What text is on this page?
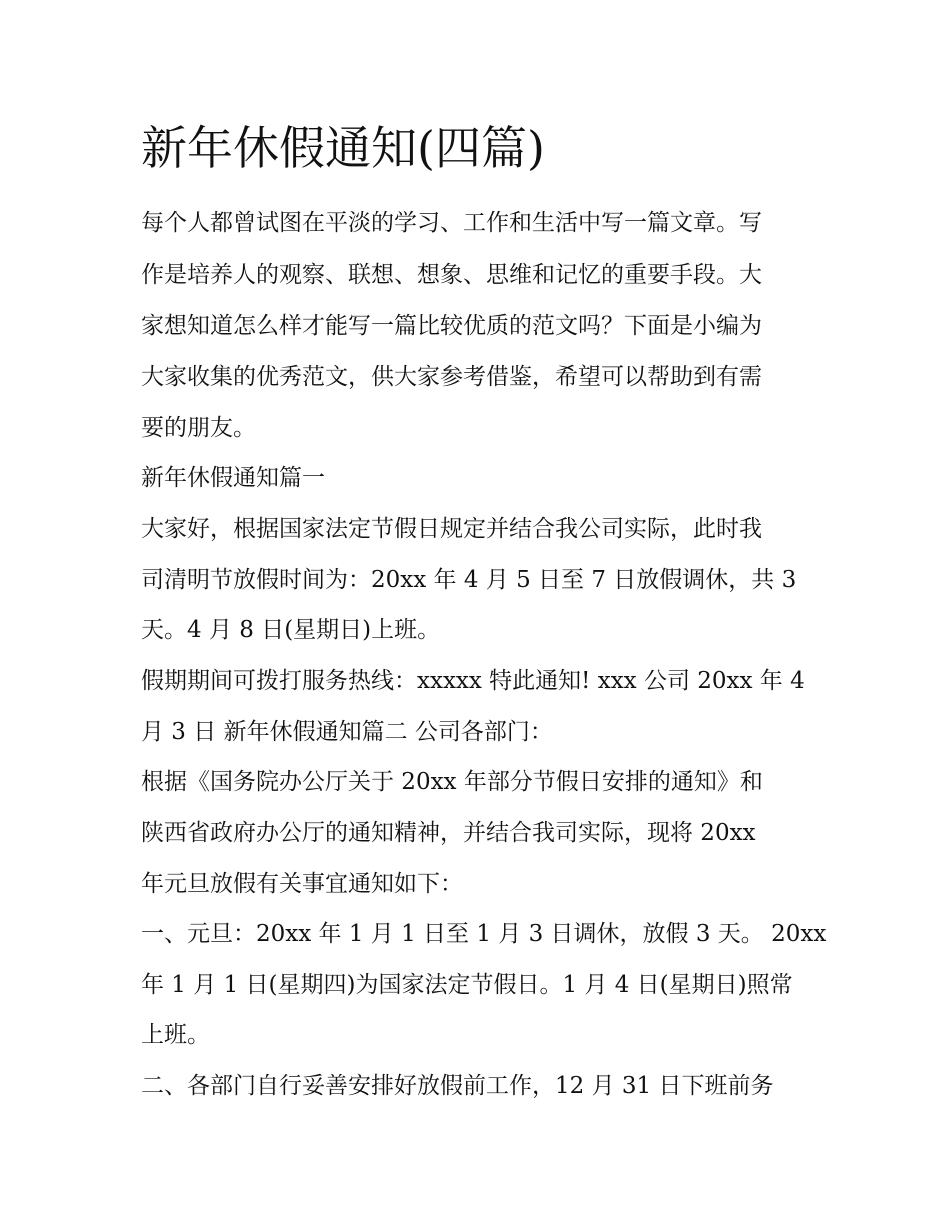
新年休假通知(四篇)
每个人都曾试图在平淡的学习、工作和生活中写一篇文章。写
作是培养人的观察、联想、想象、思维和记忆的重要手段。大
家想知道怎么样才能写一篇比较优质的范文吗？下面是小编为
大家收集的优秀范文，供大家参考借鉴，希望可以帮助到有需
要的朋友。
新年休假通知篇一
大家好，根据国家法定节假日规定并结合我公司实际，此时我
司清明节放假时间为：20xx 年 4 月 5 日至 7 日放假调休，共 3
天。4 月 8 日(星期日)上班。
假期期间可拨打服务热线：xxxxx 特此通知! xxx 公司 20xx 年 4
月 3 日 新年休假通知篇二 公司各部门：
根据《国务院办公厅关于 20xx 年部分节假日安排的通知》和
陕西省政府办公厅的通知精神，并结合我司实际，现将 20xx
年元旦放假有关事宜通知如下：
一、元旦：20xx 年 1 月 1 日至 1 月 3 日调休，放假 3 天。 20xx
年 1 月 1 日(星期四)为国家法定节假日。1 月 4 日(星期日)照常
上班。
二、各部门自行妥善安排好放假前工作，12 月 31 日下班前务
